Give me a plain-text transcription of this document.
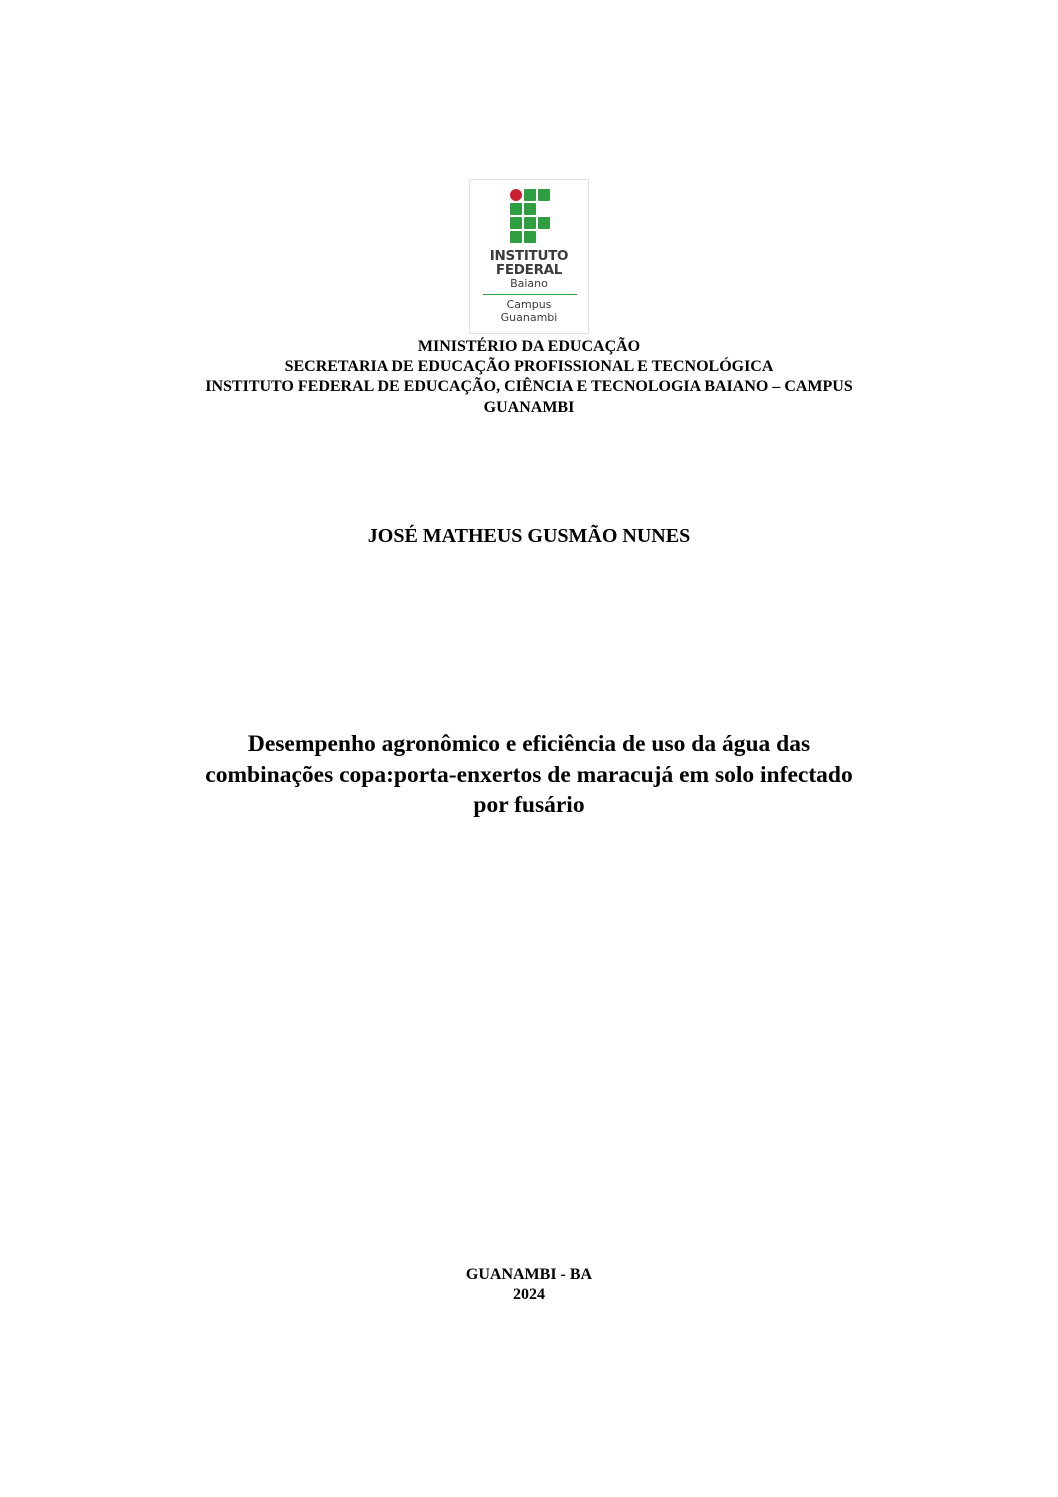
INSTITUTO
FEDERAL
Baiano
Campus
Guanambi
MINISTÉRIO DA EDUCAÇÃO
SECRETARIA DE EDUCAÇÃO PROFISSIONAL E TECNOLÓGICA
INSTITUTO FEDERAL DE EDUCAÇÃO, CIÊNCIA E TECNOLOGIA BAIANO – CAMPUS
GUANAMBI
JOSÉ MATHEUS GUSMÃO NUNES
Desempenho agronômico e eficiência de uso da água das
combinações copa:porta-enxertos de maracujá em solo infectado
por fusário
GUANAMBI - BA
2024
